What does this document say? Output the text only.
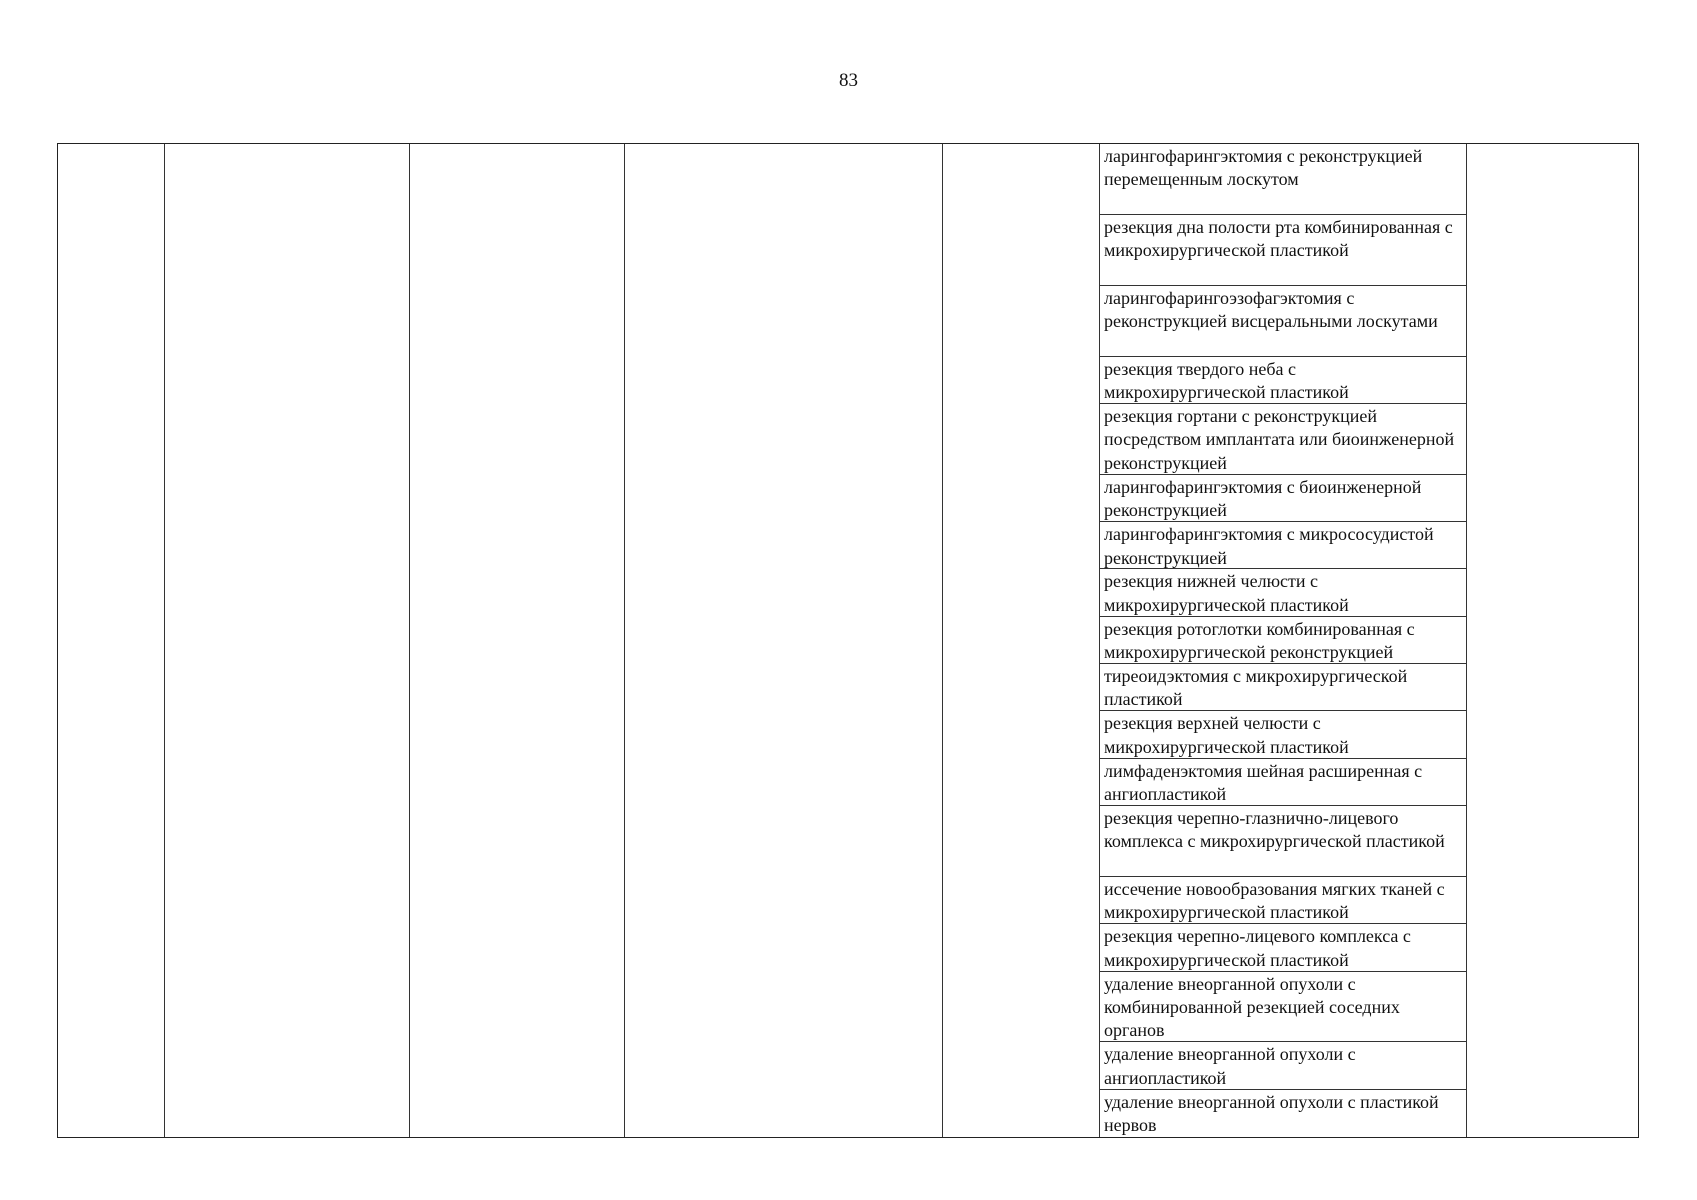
83
ларингофарингэктомия с реконструкцией перемещенным лоскутом
резекция дна полости рта комбинированная с микрохирургической пластикой
ларингофарингоэзофагэктомия с реконструкцией висцеральными лоскутами
резекция твердого неба с микрохирургической пластикой
резекция гортани с реконструкцией посредством имплантата или биоинженерной реконструкцией
ларингофарингэктомия с биоинженерной реконструкцией
ларингофарингэктомия с микрососудистой реконструкцией
резекция нижней челюсти с микрохирургической пластикой
резекция ротоглотки комбинированная с микрохирургической реконструкцией
тиреоидэктомия с микрохирургической пластикой
резекция верхней челюсти с микрохирургической пластикой
лимфаденэктомия шейная расширенная с ангиопластикой
резекция черепно-глазнично-лицевого комплекса с микрохирургической пластикой
иссечение новообразования мягких тканей с микрохирургической пластикой
резекция черепно-лицевого комплекса с микрохирургической пластикой
удаление внеорганной опухоли с комбинированной резекцией соседних органов
удаление внеорганной опухоли с ангиопластикой
удаление внеорганной опухоли с пластикой нервов
